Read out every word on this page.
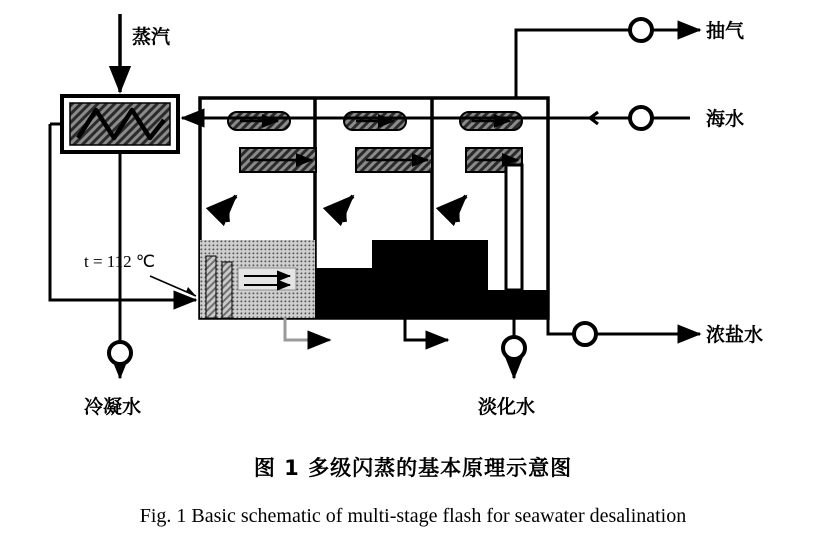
蒸汽	抽气
海水
浓盐水
冷凝水	淡化水
t = 112 ℃
图 1 多级闪蒸的基本原理示意图
Fig. 1 Basic schematic of multi-stage flash for seawater desalination
